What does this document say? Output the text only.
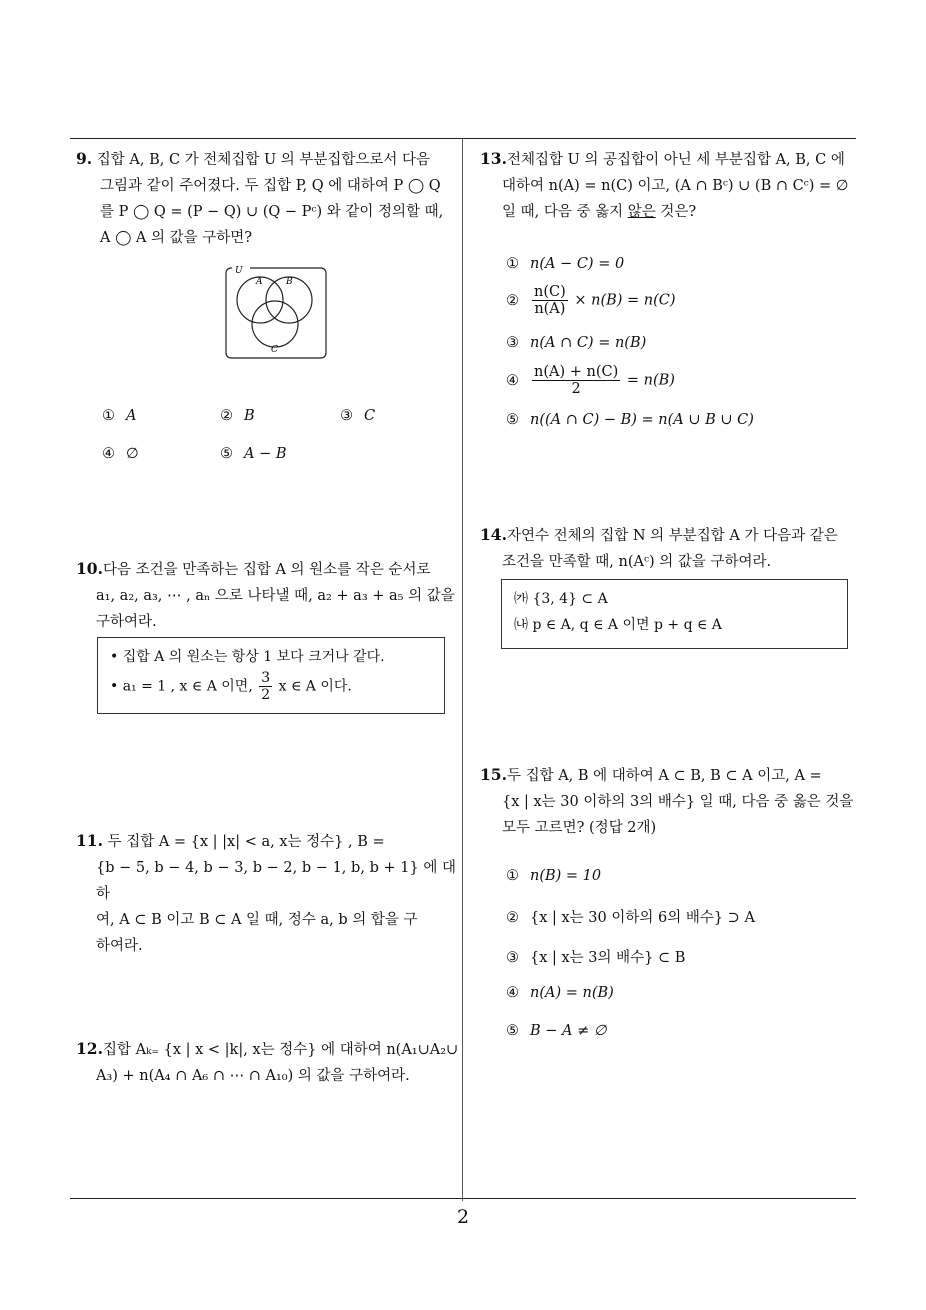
9. 집합 A, B, C 가 전체집합 U 의 부분집합으로서 다음

그림과 같이 주어졌다. 두 집합 P, Q 에 대하여 P ◯ Q

를 P ◯ Q = (P − Q) ∪ (Q − Pᶜ) 와 같이 정의할 때,

A ◯ A 의 값을 구하면?

U
A	B
C
① A	② B	③ C
④ ∅	⑤ A − B

10.다음 조건을 만족하는 집합 A 의 원소를 작은 순서로

a₁, a₂, a₃, ⋯ , aₙ 으로 나타낼 때, a₂ + a₃ + a₅ 의 값을

구하여라.

• 집합 A 의 원소는 항상 1 보다 크거나 같다.
• a₁ = 1 , x ∈ A 이면, $\frac{3}{2}$ x ∈ A 이다.

11. 두 집합 A = {x | |x| < a, x는 정수} , B =

{b − 5, b − 4, b − 3, b − 2, b − 1, b, b + 1} 에 대하

여, A ⊂ B 이고 B ⊂ A 일 때, 정수 a, b 의 합을 구

하여라.

12.집합 Aₖ₌ {x | x < |k|, x는 정수} 에 대하여 n(A₁∪A₂∪

A₃) + n(A₄ ∩ A₆ ∩ ⋯ ∩ A₁₀) 의 값을 구하여라.

13.전체집합 U 의 공집합이 아닌 세 부분집합 A, B, C 에

대하여 n(A) = n(C) 이고, (A ∩ Bᶜ) ∪ (B ∩ Cᶜ) = ∅

일 때, 다음 중 옳지 않은 것은?

① n(A − C) = 0
② $\frac{n(C)}{n(A)} \times n(B) = n(C)$
③ n(A ∩ C) = n(B)
④ $\frac{n(A) + n(C)}{2} = n(B)$
⑤ n((A ∩ C) − B) = n(A ∪ B ∪ C)

14.자연수 전체의 집합 N 의 부분집합 A 가 다음과 같은

조건을 만족할 때, n(Aᶜ) 의 값을 구하여라.

㈎ {3, 4} ⊂ A
㈏ p ∈ A, q ∈ A 이면 p + q ∈ A

15.두 집합 A, B 에 대하여 A ⊂ B, B ⊂ A 이고, A =

{x | x는 30 이하의 3의 배수} 일 때, 다음 중 옳은 것을

모두 고르면? (정답 2개)

① n(B) = 10
② {x | x는 30 이하의 6의 배수} ⊃ A
③ {x | x는 3의 배수} ⊂ B
④ n(A) = n(B)
⑤ B − A ≠ ∅
2
